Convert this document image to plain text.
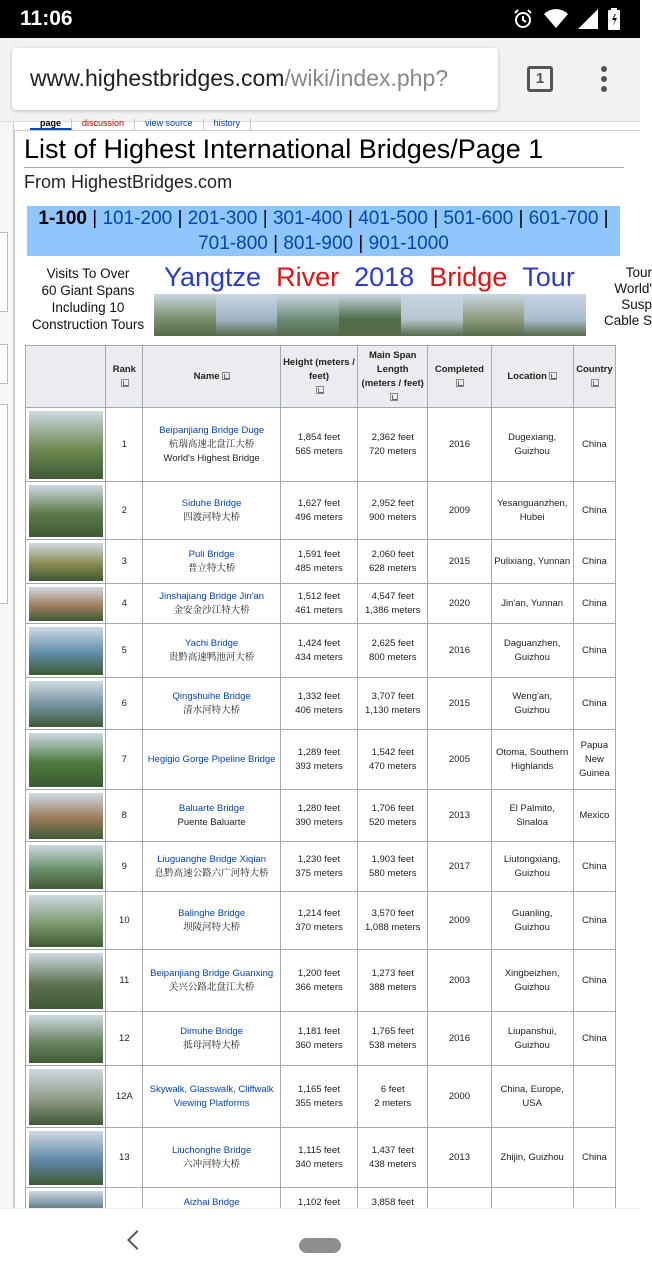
11:06
www.highestbridges.com/wiki/index.php?	1
page	discussion	view source	history
List of Highest International Bridges/Page 1
From HighestBridges.com
1-100 | 101-200 | 201-300 | 301-400 | 401-500 | 501-600 | 601-700 | 701-800 | 801-900 | 901-1000
Visits To Over
60 Giant Spans
Including 10
Construction Tours
Yangtze River 2018 Bridge Tour	Tour
World'
Susp
Cable S
	Rank	Name	Height (meters / feet)	Main Span Length (meters / feet)	Completed	Location	Country

	1	Beipanjiang Bridge Duge
杭瑞高速北盘江大桥
World's Highest Bridge	1,854 feet
565 meters	2,362 feet
720 meters	2016	Dugexiang, Guizhou	China

	2	Siduhe Bridge
四渡河特大桥	1,627 feet
496 meters	2,952 feet
900 meters	2009	Yesanguanzhen, Hubei	China

	3	Puli Bridge
普立特大桥	1,591 feet
485 meters	2,060 feet
628 meters	2015	Pulixiang, Yunnan	China

	4	Jinshajiang Bridge Jin'an
金安金沙江特大桥	1,512 feet
461 meters	4,547 feet
1,386 meters	2020	Jin'an, Yunnan	China

	5	Yachi Bridge
贵黔高速鸭池河大桥	1,424 feet
434 meters	2,625 feet
800 meters	2016	Daguanzhen, Guizhou	China

	6	Qingshuihe Bridge
清水河特大桥	1,332 feet
406 meters	3,707 feet
1,130 meters	2015	Weng'an, Guizhou	China

	7	Hegigio Gorge Pipeline Bridge	1,289 feet
393 meters	1,542 feet
470 meters	2005	Otoma, Southern Highlands	Papua New Guinea

	8	Baluarte Bridge
Puente Baluarte	1,280 feet
390 meters	1,706 feet
520 meters	2013	El Palmito, Sinaloa	Mexico

	9	Liuguanghe Bridge Xiqian
息黔高速公路六广河特大桥	1,230 feet
375 meters	1,903 feet
580 meters	2017	Liutongxiang, Guizhou	China

	10	Balinghe Bridge
坝陵河特大桥	1,214 feet
370 meters	3,570 feet
1,088 meters	2009	Guanling, Guizhou	China

	11	Beipanjiang Bridge Guanxing
关兴公路北盘江大桥	1,200 feet
366 meters	1,273 feet
388 meters	2003	Xingbeizhen, Guizhou	China

	12	Dimuhe Bridge
抵母河特大桥	1,181 feet
360 meters	1,765 feet
538 meters	2016	Liupanshui, Guizhou	China

	12A	Skywalk, Glasswalk, Cliffwalk Viewing Platforms	1,165 feet
355 meters	6 feet
2 meters	2000	China, Europe, USA	

	13	Liuchonghe Bridge
六冲河特大桥	1,115 feet
340 meters	1,437 feet
438 meters	2013	Zhijin, Guizhou	China

		Aizhai Bridge	1,102 feet	3,858 feet
